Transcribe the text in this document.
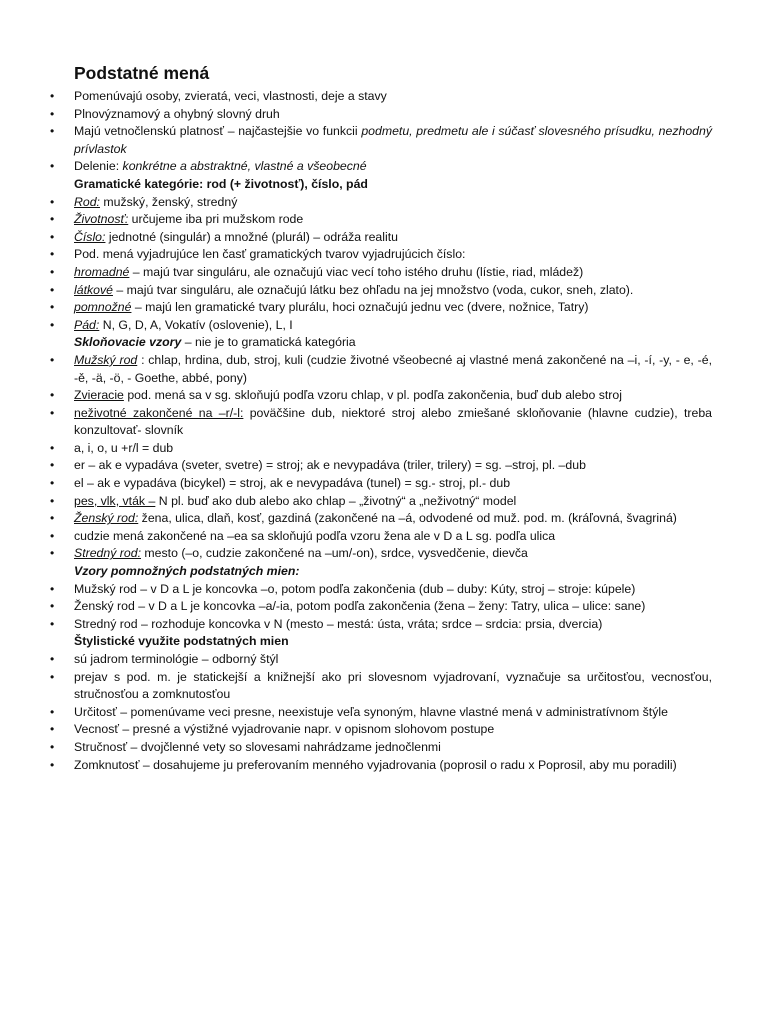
Podstatné mená
• Pomenúvajú osoby, zvieratá, veci, vlastnosti, deje a stavy
• Plnovýznamový a ohybný slovný druh
• Majú vetnočlenskú platnosť – najčastejšie vo funkcii podmetu, predmetu ale i súčasť slovesného prísudku, nezhodný prívlastok
• Delenie: konkrétne a abstraktné, vlastné a všeobecné
Gramatické kategórie: rod (+ životnosť), číslo, pád
• Rod: mužský, ženský, stredný
• Životnosť: určujeme iba pri mužskom rode
• Číslo: jednotné (singulár) a množné (plurál) – odráža realitu
• Pod. mená vyjadrujúce len časť gramatických tvarov vyjadrujúcich číslo:
• hromadné – majú tvar singuláru, ale označujú viac vecí toho istého druhu (lístie, riad, mládež)
• látkové – majú tvar singuláru, ale označujú látku bez ohľadu na jej množstvo (voda, cukor, sneh, zlato).
• pomnožné – majú len gramatické tvary plurálu, hoci označujú jednu vec (dvere, nožnice, Tatry)
• Pád: N, G, D, A, Vokatív (oslovenie), L, I
Skloňovacie vzory – nie je to gramatická kategória
• Mužský rod : chlap, hrdina, dub, stroj, kuli (cudzie životné všeobecné aj vlastné mená zakončené na –i, -í, -y, - e, -é, -ě, -ä, -ö, - Goethe, abbé, pony)
• Zvieracie pod. mená sa v sg. skloňujú podľa vzoru chlap, v pl. podľa zakončenia, buď dub alebo stroj
• neživotné zakončené na –r/-l: poväčšine dub, niektoré stroj alebo zmiešané skloňovanie (hlavne cudzie), treba konzultovať- slovník
• a, i, o, u +r/l = dub
• er – ak e vypadáva (sveter, svetre) = stroj; ak e nevypadáva (triler, trilery) = sg. –stroj, pl. –dub
• el – ak e vypadáva (bicykel) = stroj, ak e nevypadáva (tunel) = sg.- stroj, pl.- dub
• pes, vlk, vták – N pl. buď ako dub alebo ako chlap – „životný“ a „neživotný“ model
• Ženský rod: žena, ulica, dlaň, kosť, gazdiná (zakončené na –á, odvodené od muž. pod. m. (kráľovná, švagriná)
• cudzie mená zakončené na –ea sa skloňujú podľa vzoru žena ale v D a L sg. podľa ulica
• Stredný rod: mesto (–o, cudzie zakončené na –um/-on), srdce, vysvedčenie, dievča
Vzory pomnožných podstatných mien:
• Mužský rod – v D a L je koncovka –o, potom podľa zakončenia (dub – duby: Kúty, stroj – stroje: kúpele)
• Ženský rod – v D a L je koncovka –a/-ia, potom podľa zakončenia (žena – ženy: Tatry, ulica – ulice: sane)
• Stredný rod – rozhoduje koncovka v N (mesto – mestá: ústa, vráta; srdce – srdcia: prsia, dvercia)
Štylistické využite podstatných mien
• sú jadrom terminológie – odborný štýl
• prejav s pod. m. je statickejší a knižnejší ako pri slovesnom vyjadrovaní, vyznačuje sa určitosťou, vecnosťou, stručnosťou a zomknutosťou
• Určitosť – pomenúvame veci presne, neexistuje veľa synoným, hlavne vlastné mená v administratívnom štýle
• Vecnosť – presné a výstižné vyjadrovanie napr. v opisnom slohovom postupe
• Stručnosť – dvojčlenné vety so slovesami nahrádzame jednočlenmi
• Zomknutosť – dosahujeme ju preferovaním menného vyjadrovania (poprosil o radu x Poprosil, aby mu poradili)
